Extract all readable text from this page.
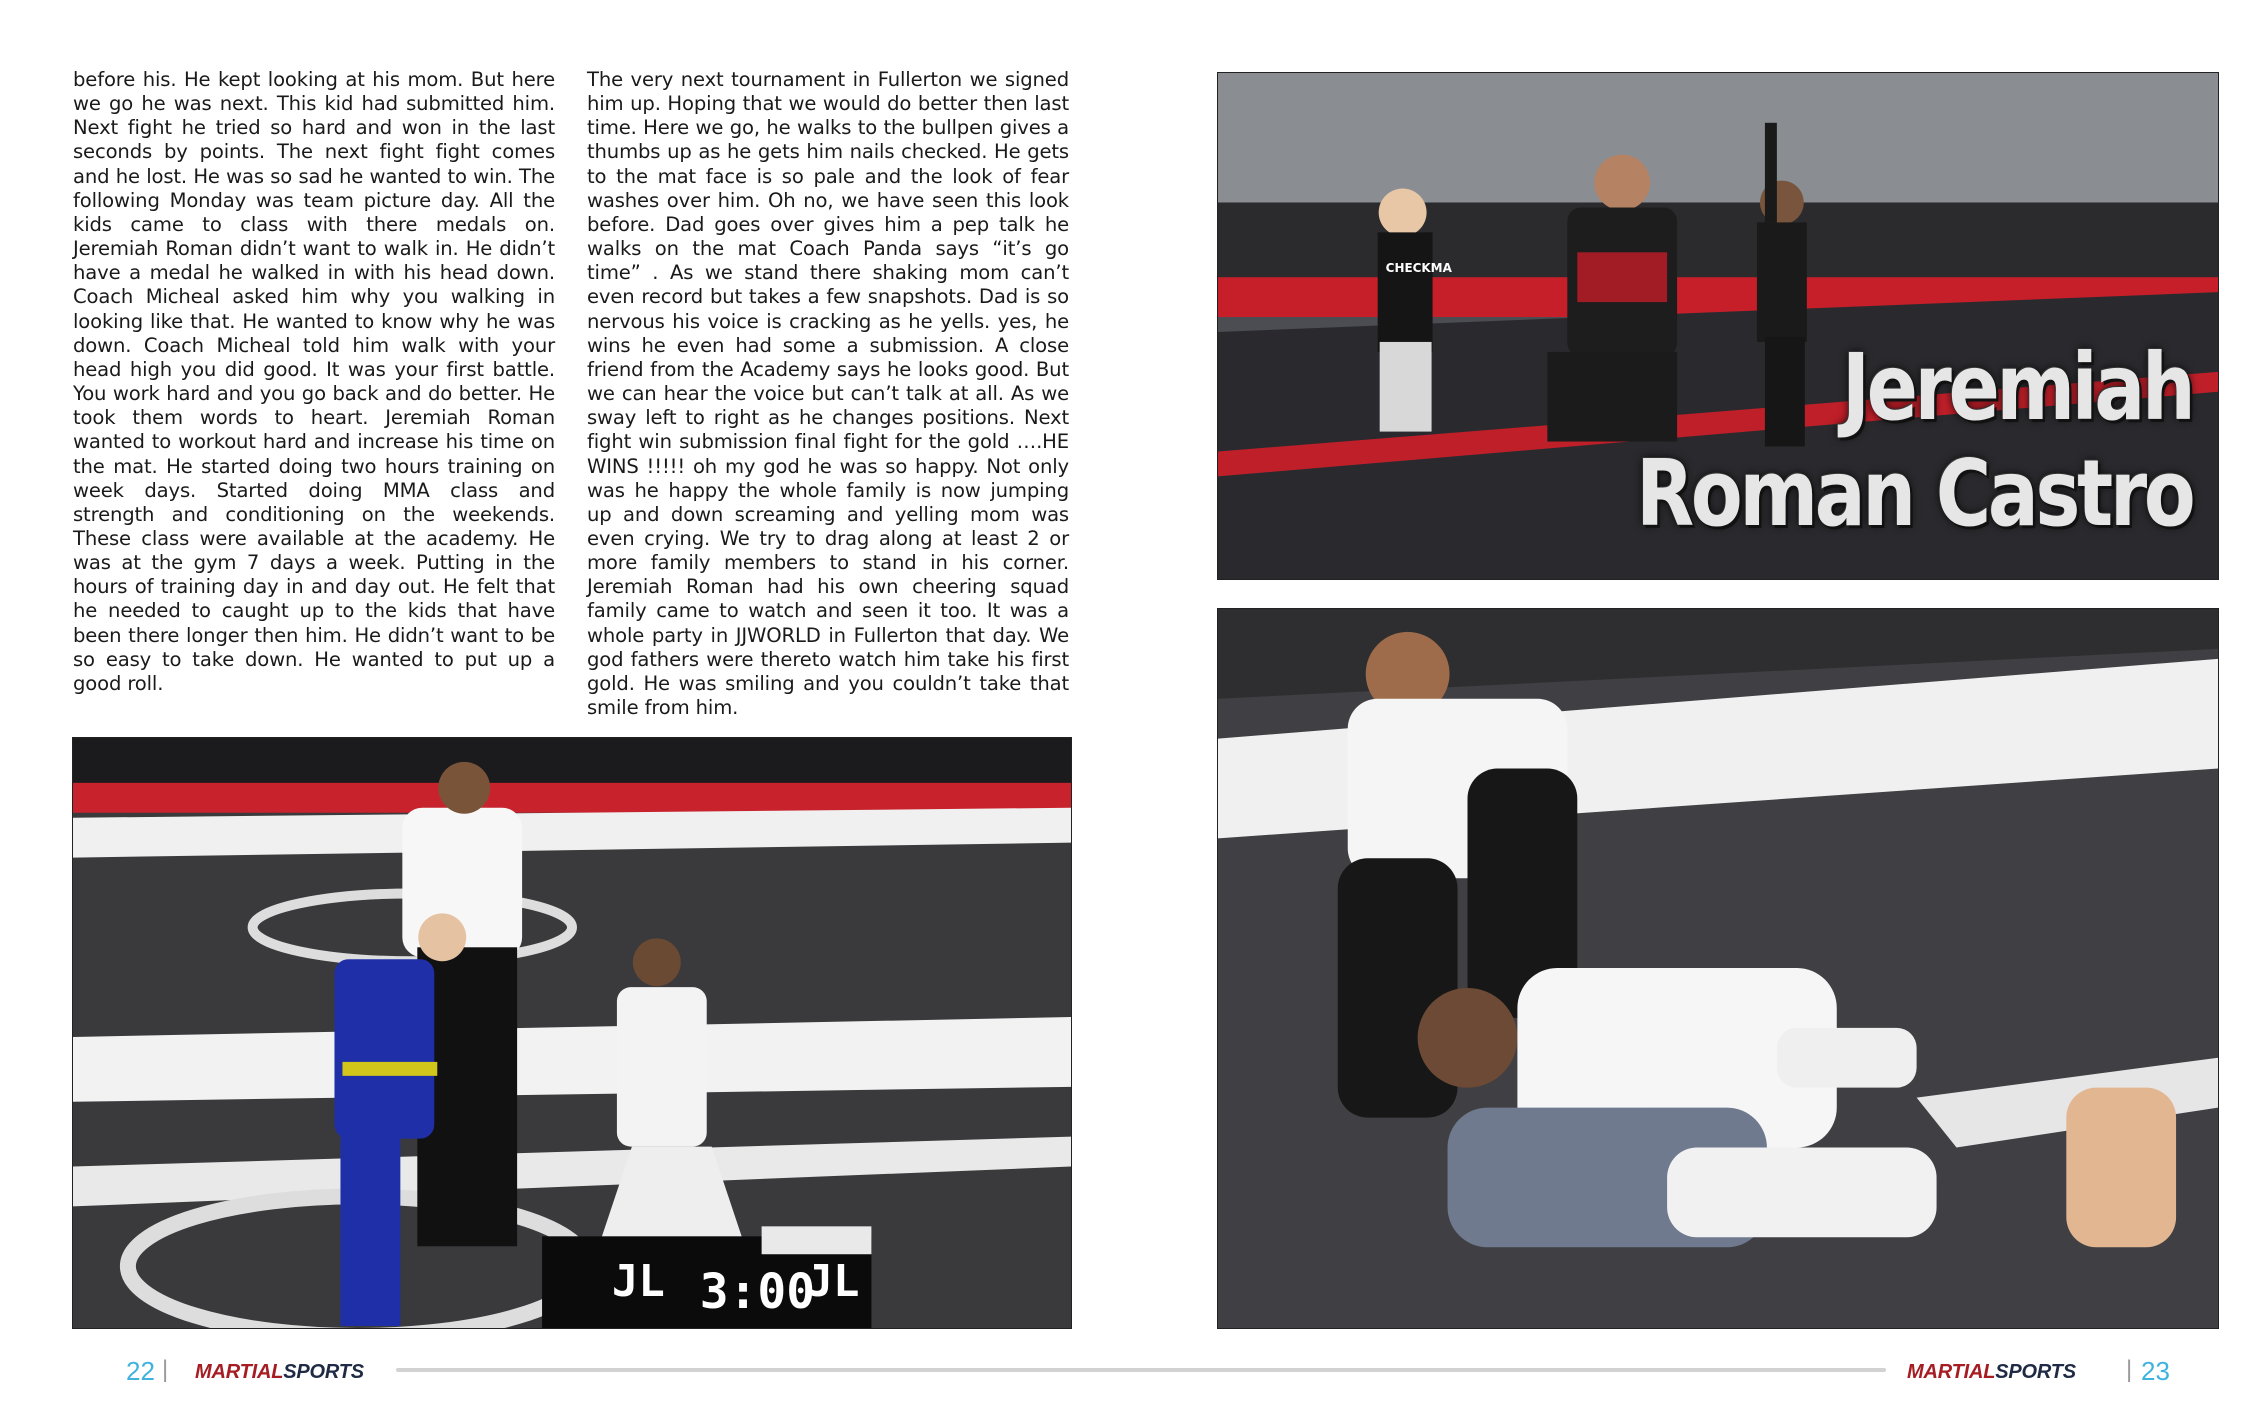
before his. He kept looking at his mom. But here we go he was next. This kid had submitted him. Next fight he tried so hard and won in the last seconds by points. The next fight fight comes and he lost. He was so sad he wanted to win. The following Monday was team picture day. All the kids came to class with there medals on. Jeremiah Roman didn’t want to walk in. He didn’t have a medal he walked in with his head down. Coach Micheal asked him why you walking in looking like that. He wanted to know why he was down. Coach Micheal told him walk with your head high you did good. It was your first battle. You work hard and you go back and do better. He took them words to heart. Jeremiah Roman wanted to workout hard and increase his time on the mat. He started doing two hours training on week days. Started doing MMA class and strength and conditioning on the weekends. These class were available at the academy. He was at the gym 7 days a week. Putting in the hours of training day in and day out. He felt that he needed to caught up to the kids that have been there longer then him. He didn’t want to be so easy to take down. He wanted to put up a good roll.

The very next tournament in Fullerton we signed him up. Hoping that we would do better then last time. Here we go, he walks to the bullpen gives a thumbs up as he gets him nails checked. He gets to the mat face is so pale and the look of fear washes over him. Oh no, we have seen this look before. Dad goes over gives him a pep talk he walks on the mat Coach Panda says “it’s go time” . As we stand there shaking mom can’t even record but takes a few snapshots. Dad is so nervous his voice is cracking as he yells. yes, he wins he even had some a submission. A close friend from the Academy says he looks good. But we can hear the voice but can’t talk at all. As we sway left to right as he changes positions. Next fight win submission final fight for the gold ….HE WINS !!!!! oh my god he was so happy. Not only was he happy the whole family is now jumping up and down screaming and yelling mom was even crying. We try to drag along at least 2 or more family members to stand in his corner. Jeremiah Roman had his own cheering squad family came to watch and seen it too. It was a whole party in JJWORLD in Fullerton that day. We god fathers were thereto watch him take his first gold. He was smiling and you couldn’t take that smile from him.

JL 3:00
JL
CHECKMA
Jeremiah
Roman Castro
22 | MARTIALSPORTS	MARTIALSPORTS | 23
